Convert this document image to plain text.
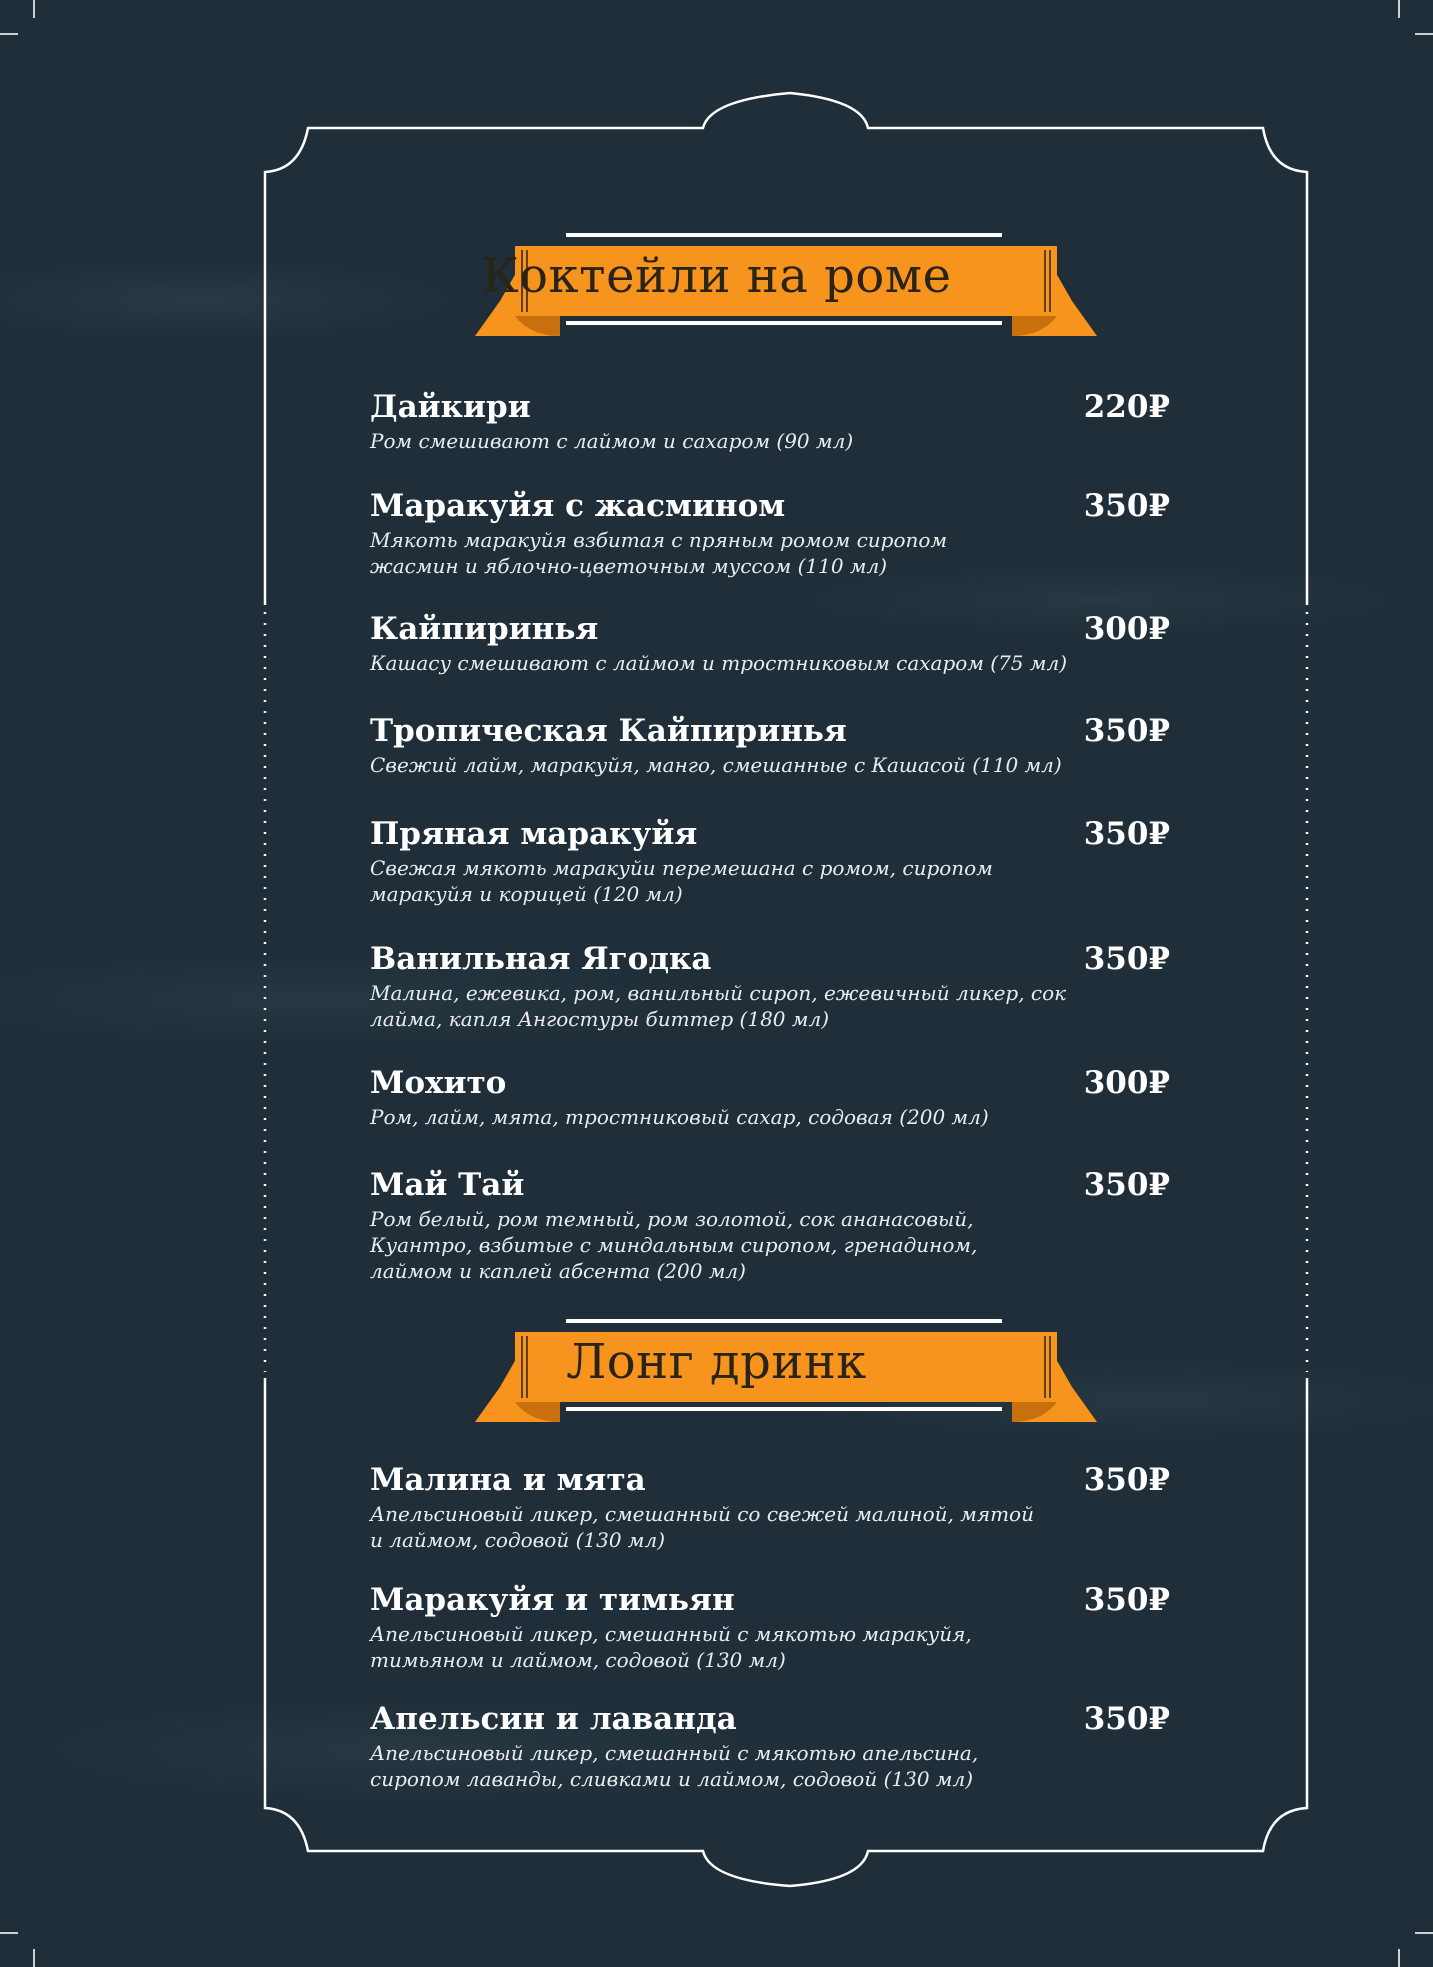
Коктейли на роме
Дайкири	220₽
Ром смешивают с лаймом и сахаром (90 мл)
Маракуйя с жасмином	350₽
Мякоть маракуйя взбитая с пряным ромом сиропом
жасмин и яблочно-цветочным муссом (110 мл)
Кайпиринья	300₽
Кашасу смешивают с лаймом и тростниковым сахаром (75 мл)
Тропическая Кайпиринья	350₽
Свежий лайм, маракуйя, манго, смешанные с Кашасой (110 мл)
Пряная маракуйя	350₽
Свежая мякоть маракуйи перемешана с ромом, сиропом
маракуйя и корицей (120 мл)
Ванильная Ягодка	350₽
Малина, ежевика, ром, ванильный сироп, ежевичный ликер, сок
лайма, капля Ангостуры биттер (180 мл)
Мохито	300₽
Ром, лайм, мята, тростниковый сахар, содовая (200 мл)
Май Тай	350₽
Ром белый, ром темный, ром золотой, сок ананасовый,
Куантро, взбитые с миндальным сиропом, гренадином,
лаймом и каплей абсента (200 мл)
Лонг дринк
Малина и мята	350₽
Апельсиновый ликер, смешанный со свежей малиной, мятой
и лаймом, содовой (130 мл)
Маракуйя и тимьян	350₽
Апельсиновый ликер, смешанный с мякотью маракуйя,
тимьяном и лаймом, содовой (130 мл)
Апельсин и лаванда	350₽
Апельсиновый ликер, смешанный с мякотью апельсина,
сиропом лаванды, сливками и лаймом, содовой (130 мл)
